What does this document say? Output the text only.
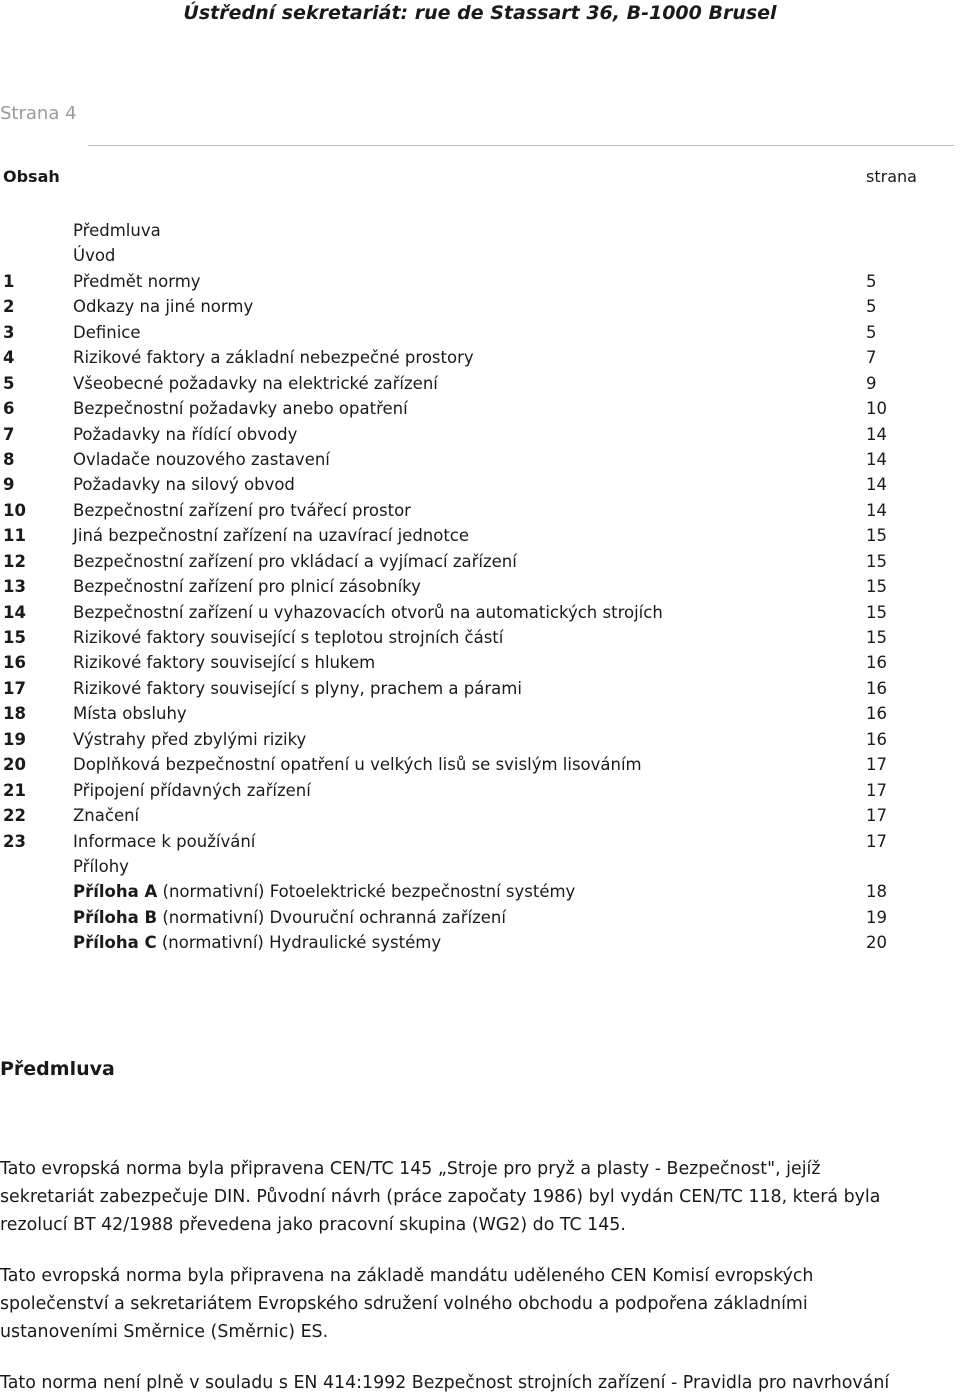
Ústřední sekretariát: rue de Stassart 36, B-1000 Brusel
Strana 4
Obsah	strana
Předmluva
Úvod
1	Předmět normy	5
2	Odkazy na jiné normy	5
3	Definice	5
4	Rizikové faktory a základní nebezpečné prostory	7
5	Všeobecné požadavky na elektrické zařízení	9
6	Bezpečnostní požadavky anebo opatření	10
7	Požadavky na řídící obvody	14
8	Ovladače nouzového zastavení	14
9	Požadavky na silový obvod	14
10	Bezpečnostní zařízení pro tvářecí prostor	14
11	Jiná bezpečnostní zařízení na uzavírací jednotce	15
12	Bezpečnostní zařízení pro vkládací a vyjímací zařízení	15
13	Bezpečnostní zařízení pro plnicí zásobníky	15
14	Bezpečnostní zařízení u vyhazovacích otvorů na automatických strojích	15
15	Rizikové faktory související s teplotou strojních částí	15
16	Rizikové faktory související s hlukem	16
17	Rizikové faktory související s plyny, prachem a párami	16
18	Místa obsluhy	16
19	Výstrahy před zbylými riziky	16
20	Doplňková bezpečnostní opatření u velkých lisů se svislým lisováním	17
21	Připojení přídavných zařízení	17
22	Značení	17
23	Informace k používání	17
Přílohy
Příloha A (normativní) Fotoelektrické bezpečnostní systémy	18
Příloha B (normativní) Dvouruční ochranná zařízení	19
Příloha C (normativní) Hydraulické systémy	20
Předmluva

Tato evropská norma byla připravena CEN/TC 145 „Stroje pro pryž a plasty - Bezpečnost", jejíž
sekretariát zabezpečuje DIN. Původní návrh (práce započaty 1986) byl vydán CEN/TC 118, která byla
rezolucí BT 42/1988 převedena jako pracovní skupina (WG2) do TC 145.

Tato evropská norma byla připravena na základě mandátu uděleného CEN Komisí evropských
společenství a sekretariátem Evropského sdružení volného obchodu a podpořena základními
ustanoveními Směrnice (Směrnic) ES.

Tato norma není plně v souladu s EN 414:1992 Bezpečnost strojních zařízení - Pravidla pro navrhování
